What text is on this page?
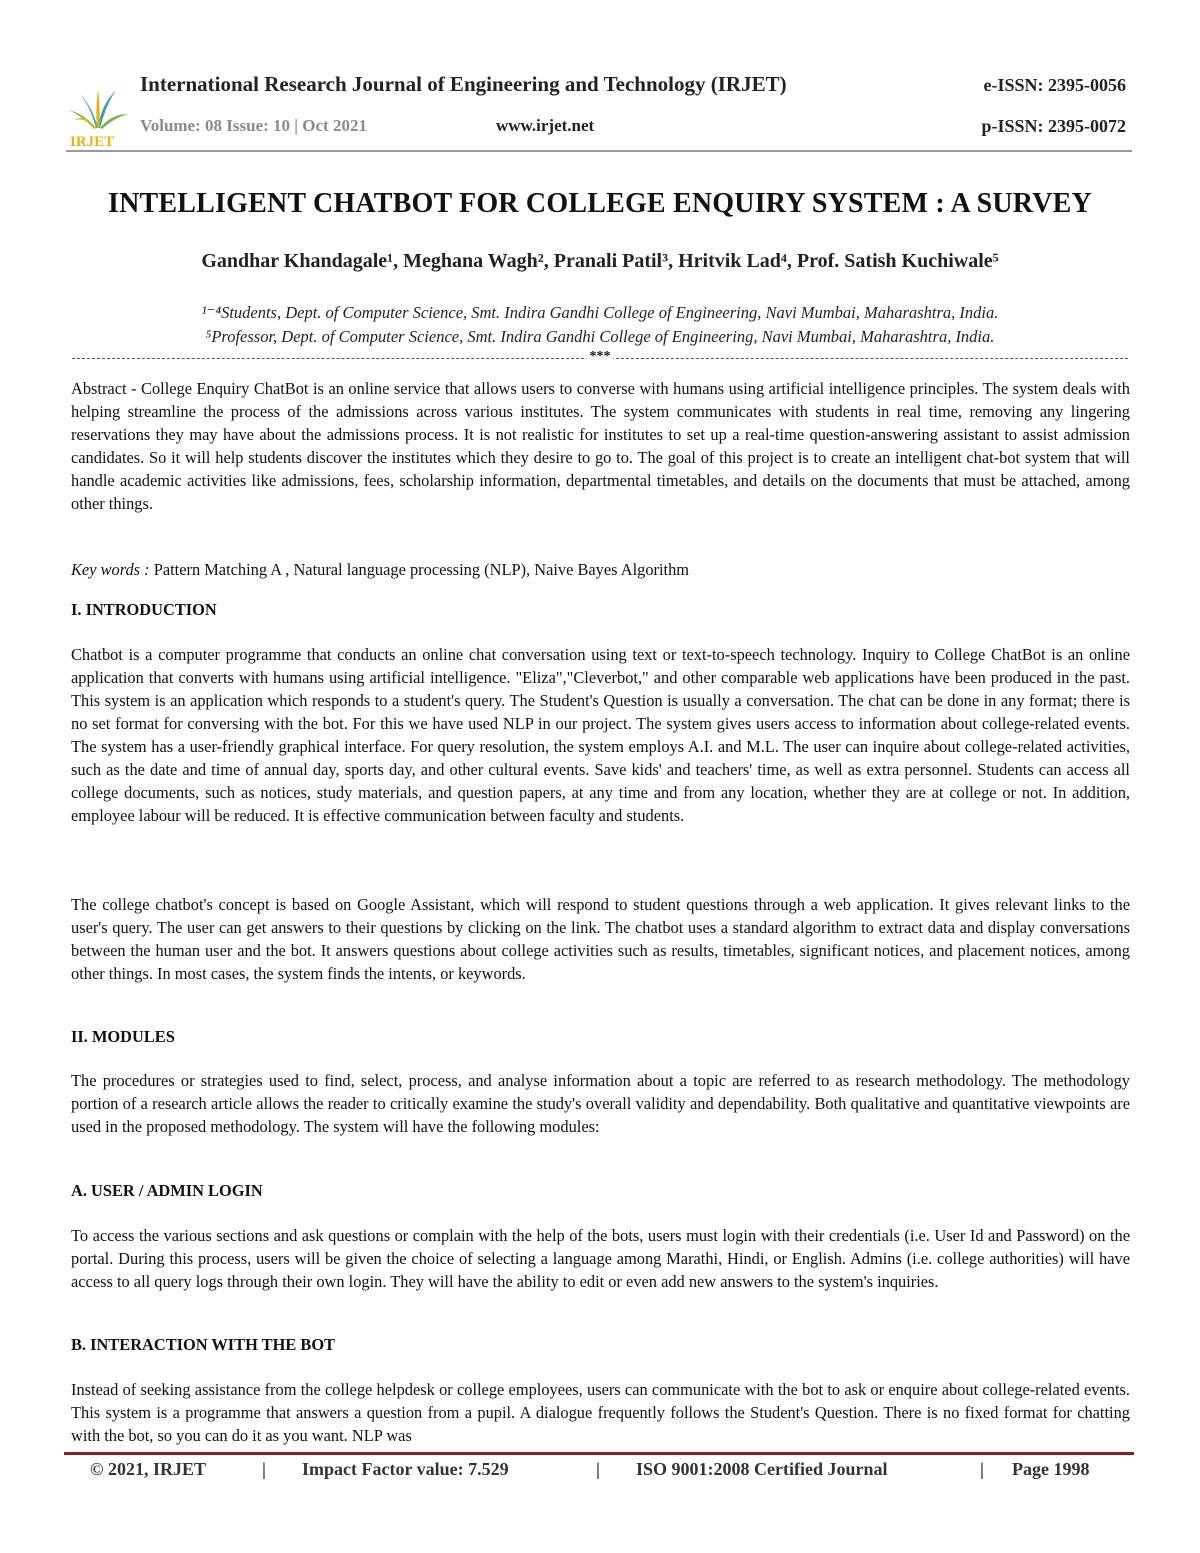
IRJET
International Research Journal of Engineering and Technology (IRJET)	e-ISSN: 2395-0056
Volume: 08 Issue: 10 | Oct 2021	www.irjet.net	p-ISSN: 2395-0072
INTELLIGENT CHATBOT FOR COLLEGE ENQUIRY SYSTEM : A SURVEY
Gandhar Khandagale¹, Meghana Wagh², Pranali Patil³, Hritvik Lad⁴, Prof. Satish Kuchiwale⁵
¹⁻⁴Students, Dept. of Computer Science, Smt. Indira Gandhi College of Engineering, Navi Mumbai, Maharashtra, India.
⁵Professor, Dept. of Computer Science, Smt. Indira Gandhi College of Engineering, Navi Mumbai, Maharashtra, India.
***

Abstract - College Enquiry ChatBot is an online service that allows users to converse with humans using artificial intelligence principles. The system deals with helping streamline the process of the admissions across various institutes. The system communicates with students in real time, removing any lingering reservations they may have about the admissions process. It is not realistic for institutes to set up a real-time question-answering assistant to assist admission candidates. So it will help students discover the institutes which they desire to go to. The goal of this project is to create an intelligent chat-bot system that will handle academic activities like admissions, fees, scholarship information, departmental timetables, and details on the documents that must be attached, among other things.

Key words : Pattern Matching A , Natural language processing (NLP), Naive Bayes Algorithm
I. INTRODUCTION

Chatbot is a computer programme that conducts an online chat conversation using text or text-to-speech technology. Inquiry to College ChatBot is an online application that converts with humans using artificial intelligence. "Eliza","Cleverbot," and other comparable web applications have been produced in the past. This system is an application which responds to a student's query. The Student's Question is usually a conversation. The chat can be done in any format; there is no set format for conversing with the bot. For this we have used NLP in our project. The system gives users access to information about college-related events. The system has a user-friendly graphical interface. For query resolution, the system employs A.I. and M.L. The user can inquire about college-related activities, such as the date and time of annual day, sports day, and other cultural events. Save kids' and teachers' time, as well as extra personnel. Students can access all college documents, such as notices, study materials, and question papers, at any time and from any location, whether they are at college or not. In addition, employee labour will be reduced. It is effective communication between faculty and students.

The college chatbot's concept is based on Google Assistant, which will respond to student questions through a web application. It gives relevant links to the user's query. The user can get answers to their questions by clicking on the link. The chatbot uses a standard algorithm to extract data and display conversations between the human user and the bot. It answers questions about college activities such as results, timetables, significant notices, and placement notices, among other things. In most cases, the system finds the intents, or keywords.

II. MODULES

The procedures or strategies used to find, select, process, and analyse information about a topic are referred to as research methodology. The methodology portion of a research article allows the reader to critically examine the study's overall validity and dependability. Both qualitative and quantitative viewpoints are used in the proposed methodology. The system will have the following modules:

A. USER / ADMIN LOGIN

To access the various sections and ask questions or complain with the help of the bots, users must login with their credentials (i.e. User Id and Password) on the portal. During this process, users will be given the choice of selecting a language among Marathi, Hindi, or English. Admins (i.e. college authorities) will have access to all query logs through their own login. They will have the ability to edit or even add new answers to the system's inquiries.

B. INTERACTION WITH THE BOT

Instead of seeking assistance from the college helpdesk or college employees, users can communicate with the bot to ask or enquire about college-related events. This system is a programme that answers a question from a pupil. A dialogue frequently follows the Student's Question. There is no fixed format for chatting with the bot, so you can do it as you want. NLP was

© 2021, IRJET	| Impact Factor value: 7.529	| ISO 9001:2008 Certified Journal	| Page 1998
